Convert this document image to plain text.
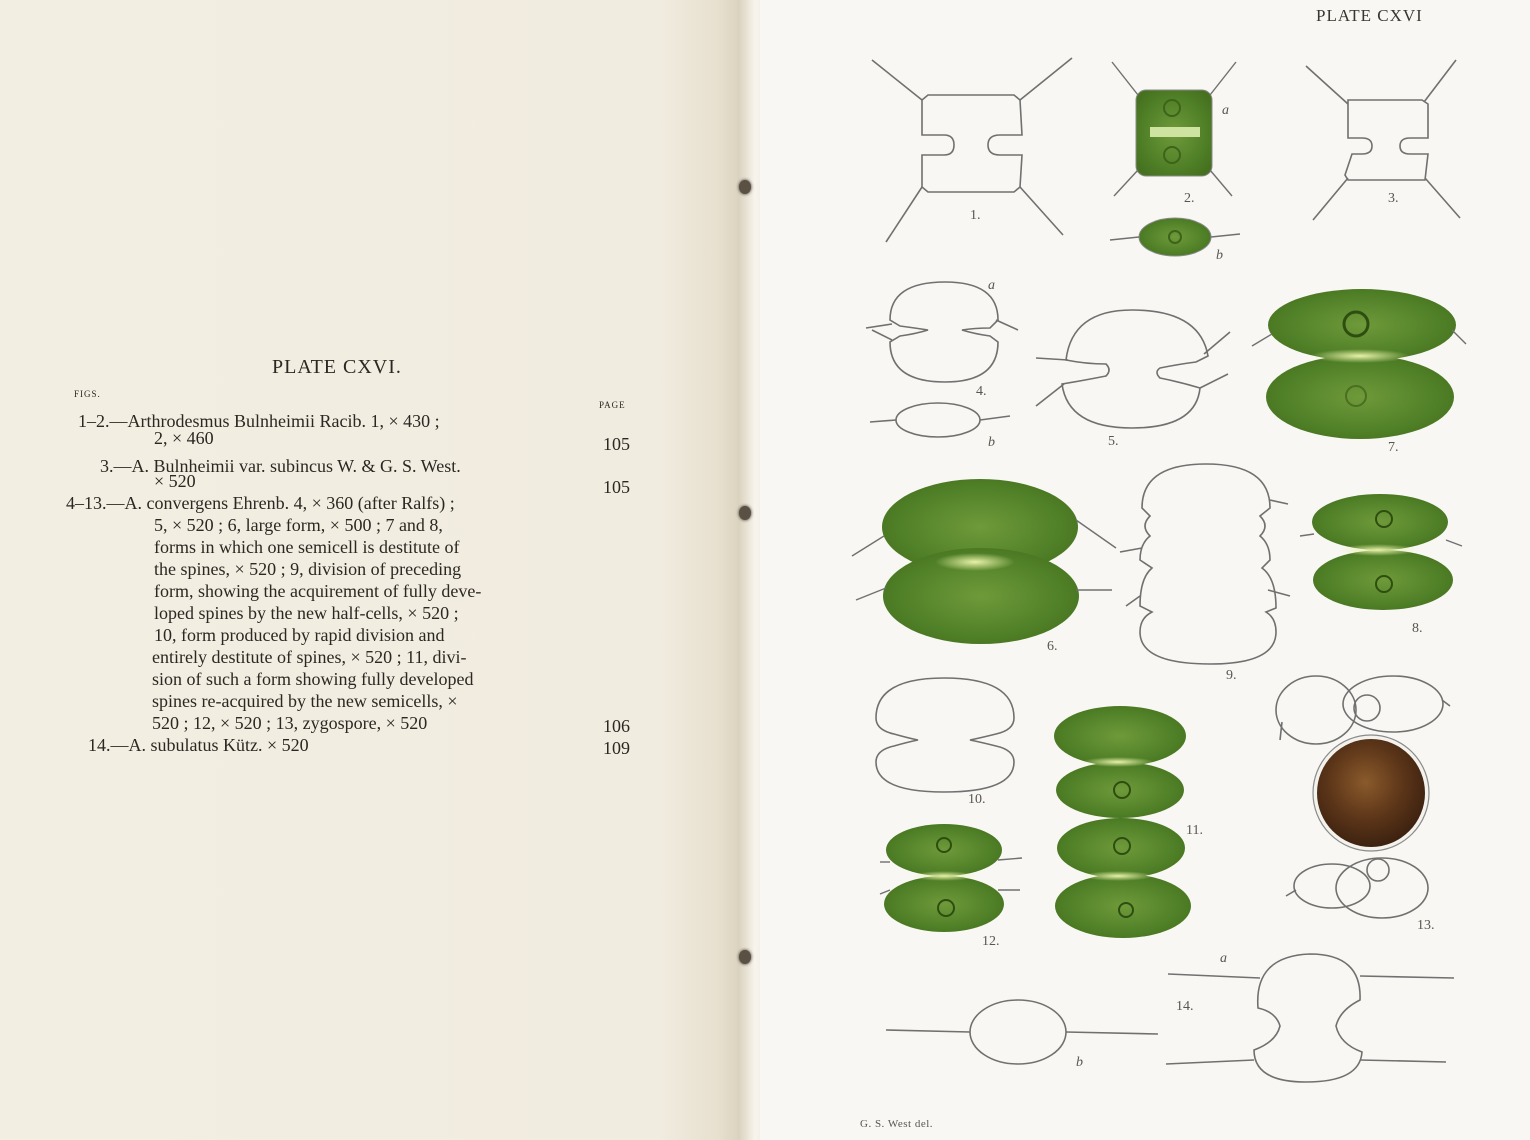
PLATE CXVI.
FIGS.
PAGE
1–2.—Arthrodesmus Bulnheimii Racib. 1, × 430 ;
2, × 460
3.—A. Bulnheimii var. subincus W. & G. S. West.
× 520
4–13.—A. convergens Ehrenb. 4, × 360 (after Ralfs) ;
5, × 520 ; 6, large form, × 500 ; 7 and 8,
forms in which one semicell is destitute of
the spines, × 520 ; 9, division of preceding
form, showing the acquirement of fully deve-
loped spines by the new half-cells, × 520 ;
10, form produced by rapid division and
entirely destitute of spines, × 520 ; 11, divi-
sion of such a form showing fully developed
spines re-acquired by the new semicells, ×
520 ; 12, × 520 ; 13, zygospore, × 520
14.—A. subulatus Kütz. × 520
105
105
106
109
1.
2.	3.
4.
5.
6.
7.
8.
9.
10.
11.
12.
13.
14.
a
b
a
b
a
b
PLATE CXVI
G. S. West del.
